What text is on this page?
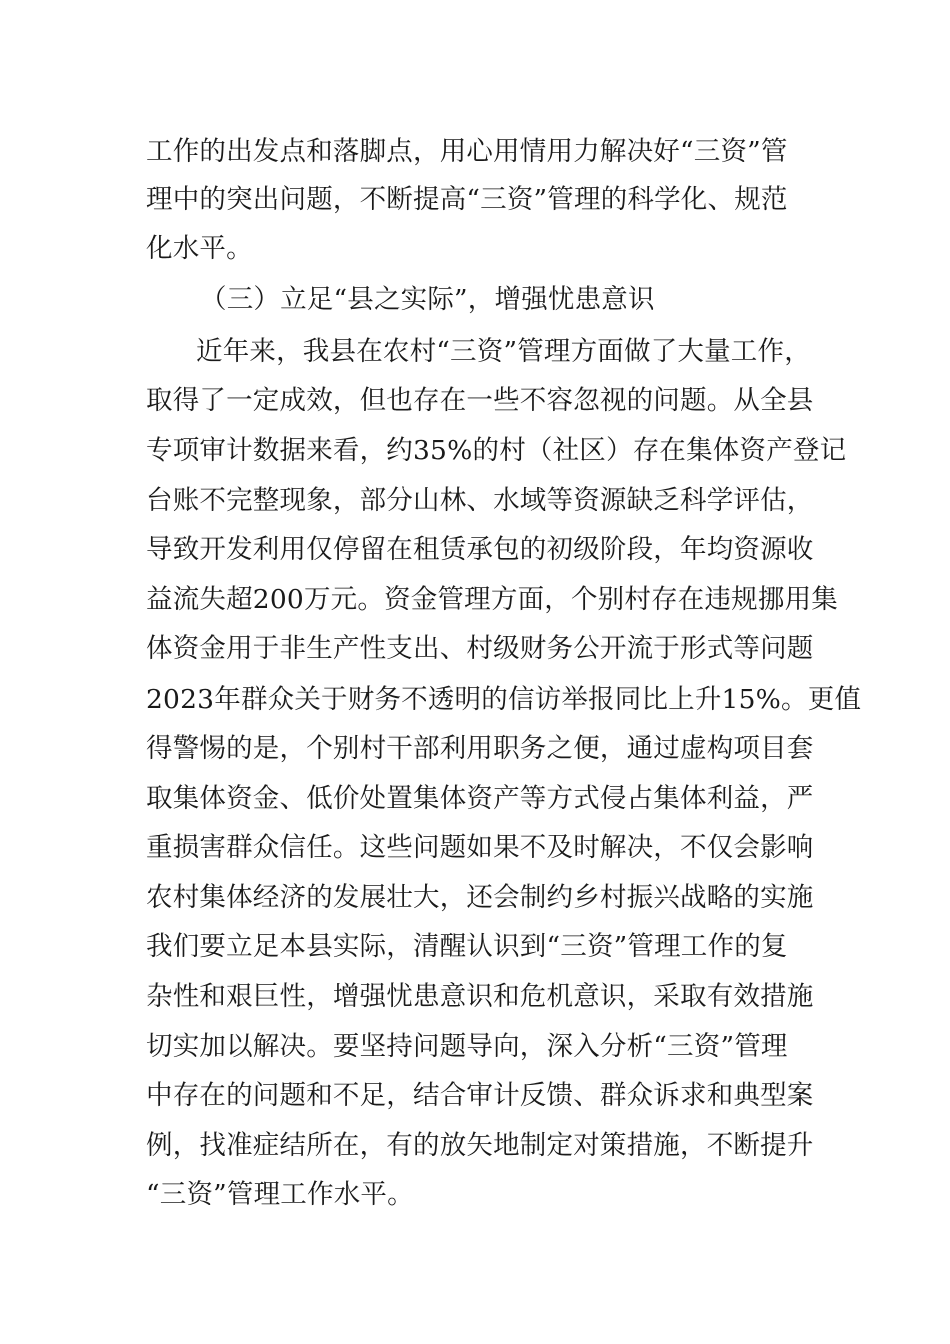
工作的出发点和落脚点，用心用情用力解决好“三资”管
理中的突出问题，不断提高“三资”管理的科学化、规范
化水平。
（三）立足“县之实际”，增强忧患意识
近年来，我县在农村“三资”管理方面做了大量工作，
取得了一定成效，但也存在一些不容忽视的问题。从全县
专项审计数据来看，约35%的村（社区）存在集体资产登记
台账不完整现象，部分山林、水域等资源缺乏科学评估，
导致开发利用仅停留在租赁承包的初级阶段，年均资源收
益流失超200万元。资金管理方面，个别村存在违规挪用集
体资金用于非生产性支出、村级财务公开流于形式等问题
2023年群众关于财务不透明的信访举报同比上升15%。更值
得警惕的是，个别村干部利用职务之便，通过虚构项目套
取集体资金、低价处置集体资产等方式侵占集体利益，严
重损害群众信任。这些问题如果不及时解决，不仅会影响
农村集体经济的发展壮大，还会制约乡村振兴战略的实施
我们要立足本县实际，清醒认识到“三资”管理工作的复
杂性和艰巨性，增强忧患意识和危机意识，采取有效措施
切实加以解决。要坚持问题导向，深入分析“三资”管理
中存在的问题和不足，结合审计反馈、群众诉求和典型案
例，找准症结所在，有的放矢地制定对策措施，不断提升
“三资”管理工作水平。
